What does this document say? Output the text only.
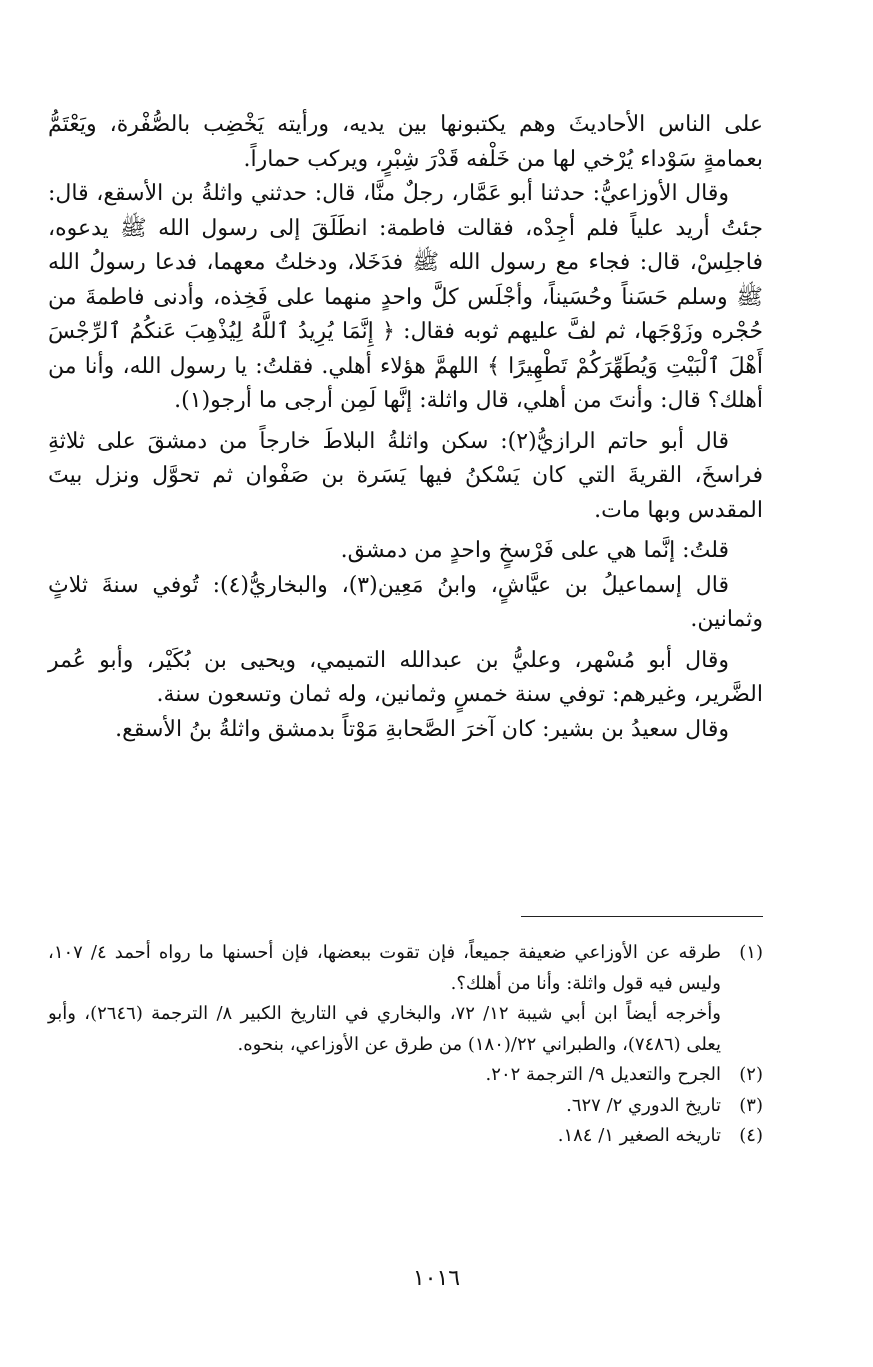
على الناس الأحاديثَ وهم يكتبونها بين يديه، ورأيته يَخْضِب بالصُّفْرة، ويَعْتَمُّ بعمامةٍ سَوْداء يُرْخي لها من خَلْفه قَدْرَ شِبْرٍ، ويركب حماراً.

وقال الأوزاعيُّ: حدثنا أبو عَمَّار، رجلٌ منَّا، قال: حدثني واثلةُ بن الأسقع، قال: جئتُ أريد علياً فلم أجِدْه، فقالت فاطمة: انطَلَقَ إلى رسول الله ﷺ يدعوه، فاجلِسْ، قال: فجاء مع رسول الله ﷺ فدَخَلا، ودخلتُ معهما، فدعا رسولُ الله ﷺ وسلم حَسَناً وحُسَيناً، وأجْلَس كلَّ واحدٍ منهما على فَخِذه، وأدنى فاطمةَ من حُجْره وزَوْجَها، ثم لفَّ عليهم ثوبه فقال: ﴿ إِنَّمَا يُرِيدُ ٱللَّهُ لِيُذْهِبَ عَنكُمُ ٱلرِّجْسَ أَهْلَ ٱلْبَيْتِ وَيُطَهِّرَكُمْ تَطْهِيرًا ﴾ اللهمَّ هؤلاء أهلي. فقلتُ: يا رسول الله، وأنا من أهلك؟ قال: وأنتَ من أهلي، قال واثلة: إنَّها لَمِن أرجى ما أرجو(١).

قال أبو حاتم الرازيُّ(٢): سكن واثلةُ البلاطَ خارجاً من دمشقَ على ثلاثةِ فراسخَ، القريةَ التي كان يَسْكنُ فيها يَسَرة بن صَفْوان ثم تحوَّل ونزل بيتَ المقدس وبها مات.

قلتُ: إنَّما هي على فَرْسخٍ واحدٍ من دمشق.

قال إسماعيلُ بن عيَّاشٍ، وابنُ مَعِين(٣)، والبخاريُّ(٤): تُوفي سنةَ ثلاثٍ وثمانين.

وقال أبو مُسْهر، وعليُّ بن عبدالله التميمي، ويحيى بن بُكَيْر، وأبو عُمر الضَّرير، وغيرهم: توفي سنة خمسٍ وثمانين، وله ثمان وتسعون سنة.

وقال سعيدُ بن بشير: كان آخرَ الصَّحابةِ مَوْتاً بدمشق واثلةُ بنُ الأسقع.

(١)
طرقه عن الأوزاعي ضعيفة جميعاً، فإن تقوت ببعضها، فإن أحسنها ما رواه أحمد ٤/ ١٠٧، وليس فيه قول واثلة: وأنا من أهلك؟.
وأخرجه أيضاً ابن أبي شيبة ١٢/ ٧٢، والبخاري في التاريخ الكبير ٨/ الترجمة (٢٦٤٦)، وأبو يعلى (٧٤٨٦)، والطبراني ٢٢/(١٨٠) من طرق عن الأوزاعي، بنحوه.
(٢)
الجرح والتعديل ٩/ الترجمة ٢٠٢.
(٣)
تاريخ الدوري ٢/ ٦٢٧.
(٤)
تاريخه الصغير ١/ ١٨٤.
١٠١٦
